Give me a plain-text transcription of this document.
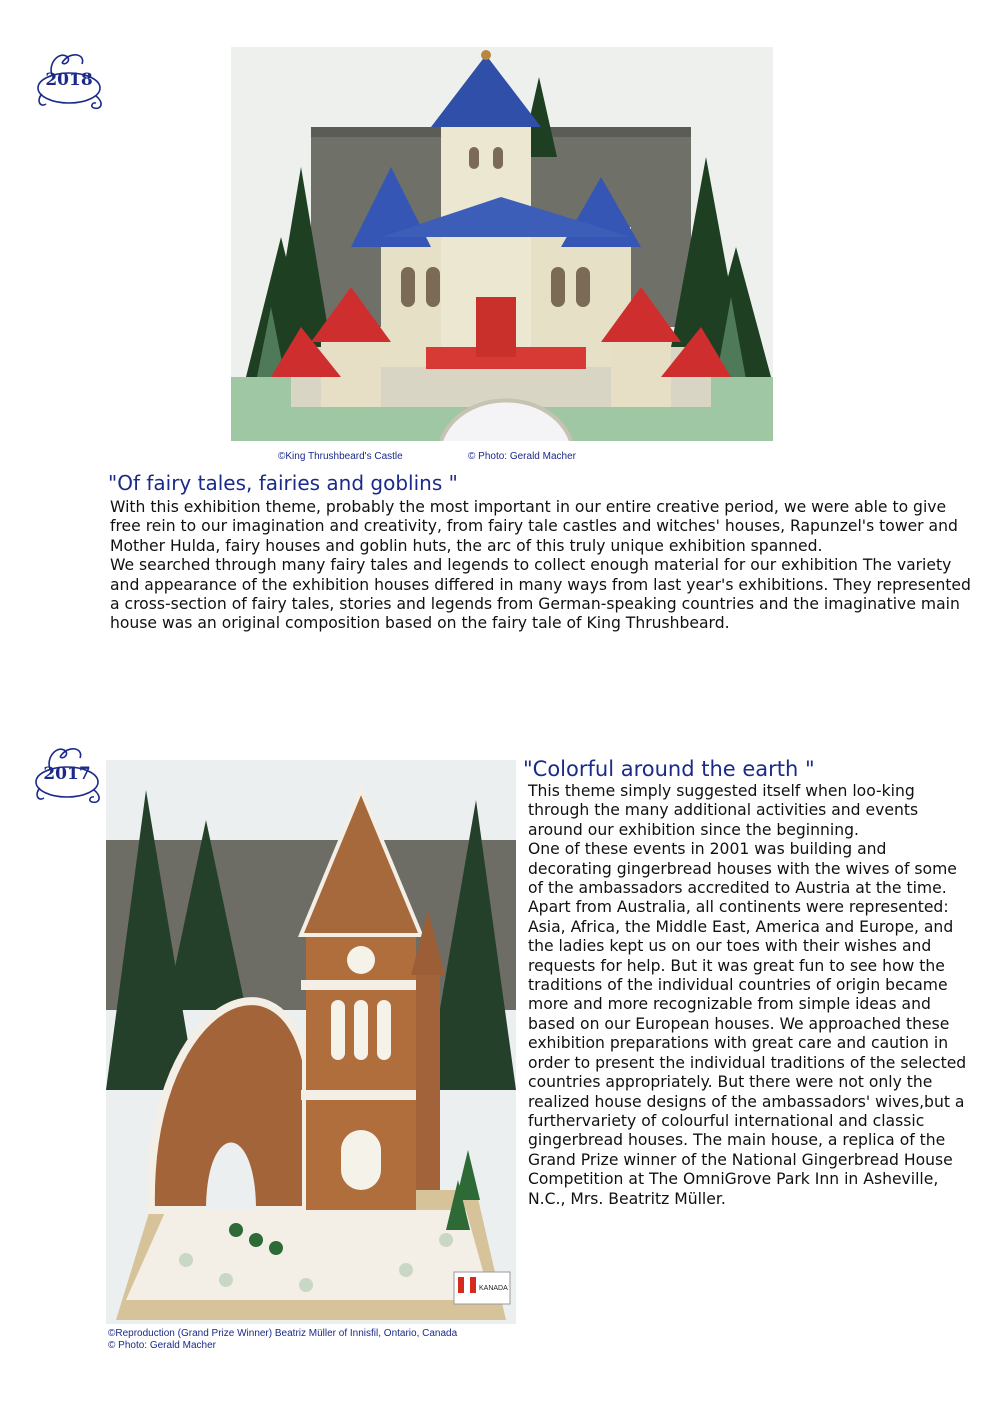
2018
©King Thrushbeard's Castle	© Photo: Gerald Macher
"Of fairy tales, fairies and goblins "

With this exhibition theme, probably the most important in our entire creative period, we were able to give free rein to our imagination and creativity, from fairy tale castles and witches' houses, Rapunzel's tower and Mother Hulda, fairy houses and goblin huts, the arc of this truly unique exhibition spanned.

We searched through many fairy tales and legends to collect enough material for our exhibition The variety and appearance of the exhibition houses differed in many ways from last year's exhibitions. They represented a cross-section of fairy tales, stories and legends from German-speaking countries and the imaginative main house was an original composition based on the fairy tale of King Thrushbeard.

2017
KANADA
©Reproduction (Grand Prize Winner) Beatriz Müller of Innisfil, Ontario, Canada
© Photo: Gerald Macher
"Colorful around the earth "

This theme simply suggested itself when loo-king through the many additional activities and events around our exhibition since the beginning.

One of these events in 2001 was building and decorating gingerbread houses with the wives of some of the ambassadors accredited to Austria at the time.

Apart from Australia, all continents were represented: Asia, Africa, the Middle East, America and Europe, and the ladies kept us on our toes with their wishes and requests for help. But it was great fun to see how the traditions of the individual countries of origin became more and more recognizable from simple ideas and based on our European houses. We approached these exhibition preparations with great care and caution in order to present the individual traditions of the selected countries appropriately. But there were not only the realized house designs of the ambassadors' wives,but a furthervariety of colourful international and classic gingerbread houses. The main house, a replica of the Grand Prize winner of the National Gingerbread House Competition at The OmniGrove Park Inn in Asheville, N.C., Mrs. Beatritz Müller.
